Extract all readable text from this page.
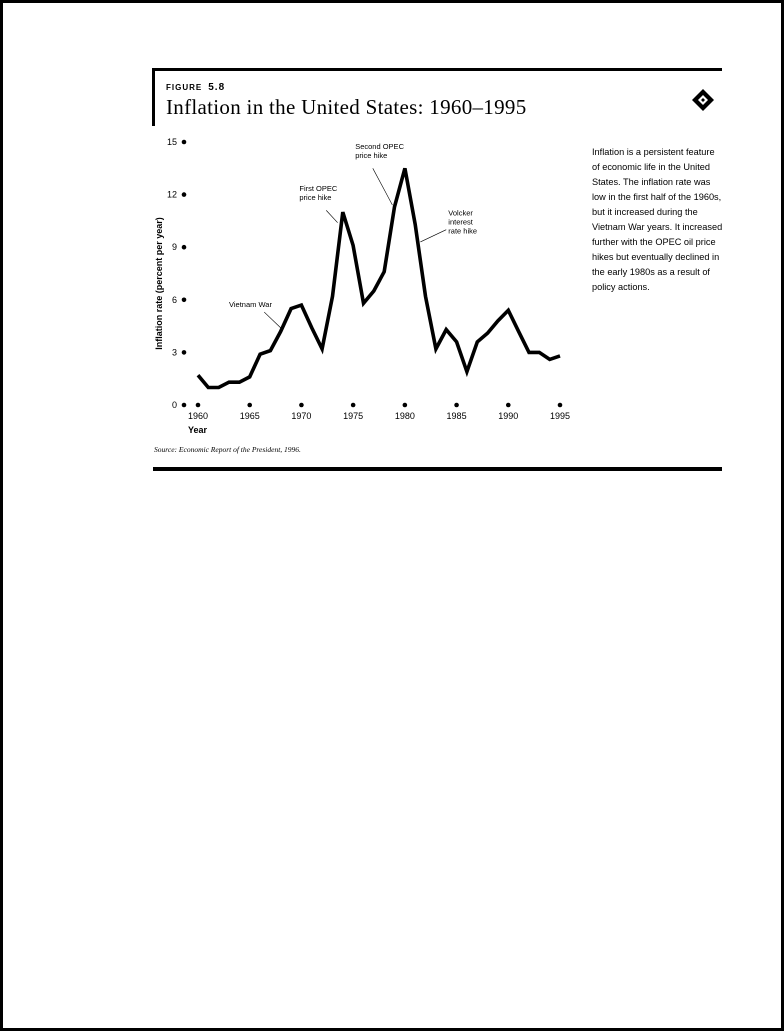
FIGURE 5.8
Inflation in the United States: 1960–1995
0
3
6
9
12
15
1960	1965	1970	1975	1980	1985	1990	1995
Year
Inflation rate (percent per year)	Vietnam War
First OPEC price hike
Second OPEC price hike
Volcker interest rate hike
Inflation is a persistent feature of economic life in the United States. The inflation rate was low in the first half of the 1960s, but it increased during the Vietnam War years. It increased further with the OPEC oil price hikes but eventually declined in the early 1980s as a result of policy actions.
Source: Economic Report of the President, 1996.
